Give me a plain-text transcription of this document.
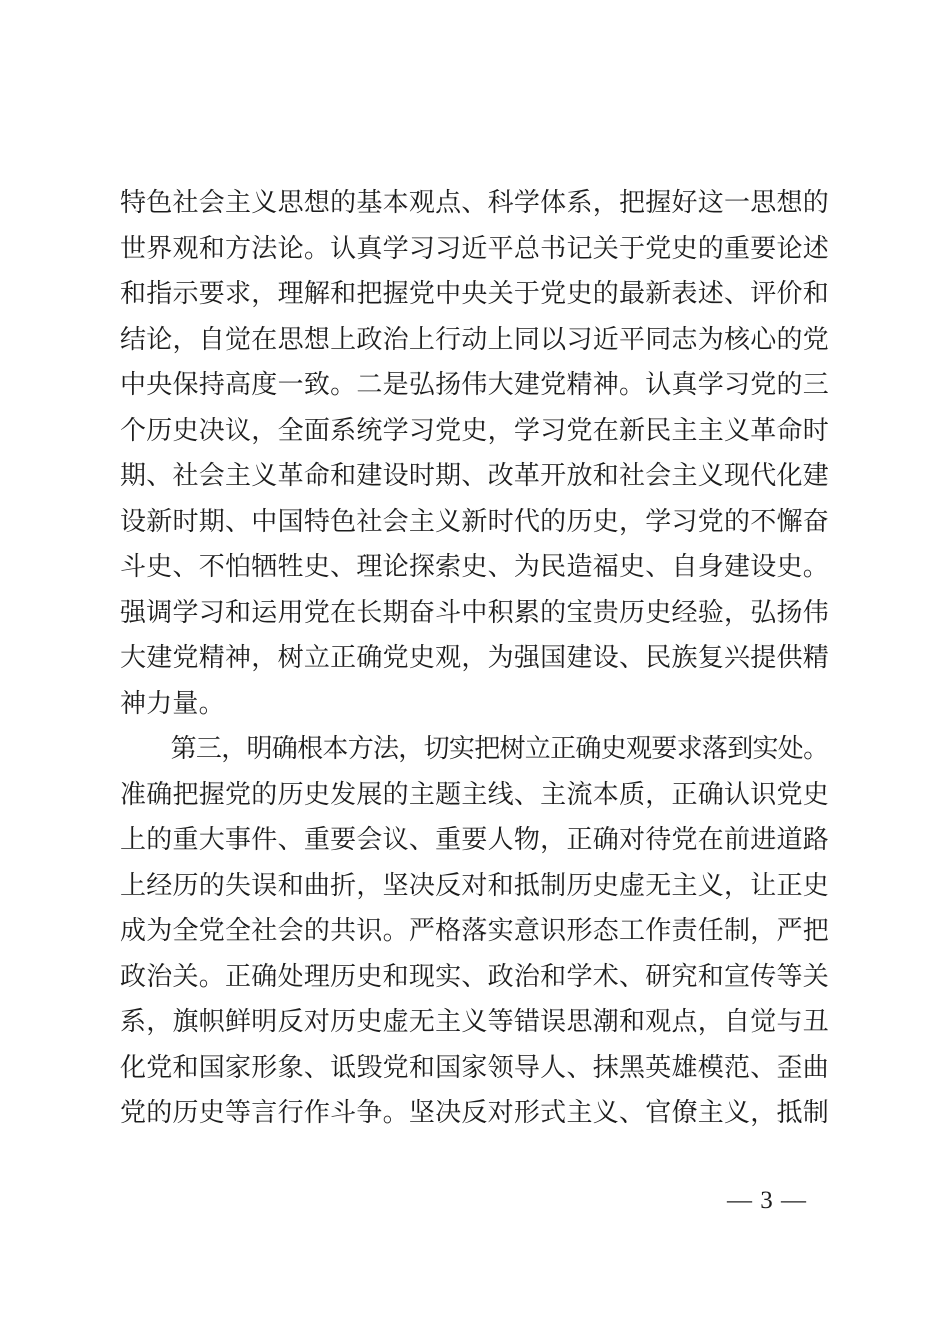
特色社会主义思想的基本观点、科学体系，把握好这一思想的
世界观和方法论。认真学习习近平总书记关于党史的重要论述
和指示要求，理解和把握党中央关于党史的最新表述、评价和
结论，自觉在思想上政治上行动上同以习近平同志为核心的党
中央保持高度一致。二是弘扬伟大建党精神。认真学习党的三
个历史决议，全面系统学习党史，学习党在新民主主义革命时
期、社会主义革命和建设时期、改革开放和社会主义现代化建
设新时期、中国特色社会主义新时代的历史，学习党的不懈奋
斗史、不怕牺牲史、理论探索史、为民造福史、自身建设史。
强调学习和运用党在长期奋斗中积累的宝贵历史经验，弘扬伟
大建党精神，树立正确党史观，为强国建设、民族复兴提供精
神力量。
　　第三，明确根本方法，切实把树立正确史观要求落到实处。
准确把握党的历史发展的主题主线、主流本质，正确认识党史
上的重大事件、重要会议、重要人物，正确对待党在前进道路
上经历的失误和曲折，坚决反对和抵制历史虚无主义，让正史
成为全党全社会的共识。严格落实意识形态工作责任制，严把
政治关。正确处理历史和现实、政治和学术、研究和宣传等关
系，旗帜鲜明反对历史虚无主义等错误思潮和观点，自觉与丑
化党和国家形象、诋毁党和国家领导人、抹黑英雄模范、歪曲
党的历史等言行作斗争。坚决反对形式主义、官僚主义，抵制
— 3 —
